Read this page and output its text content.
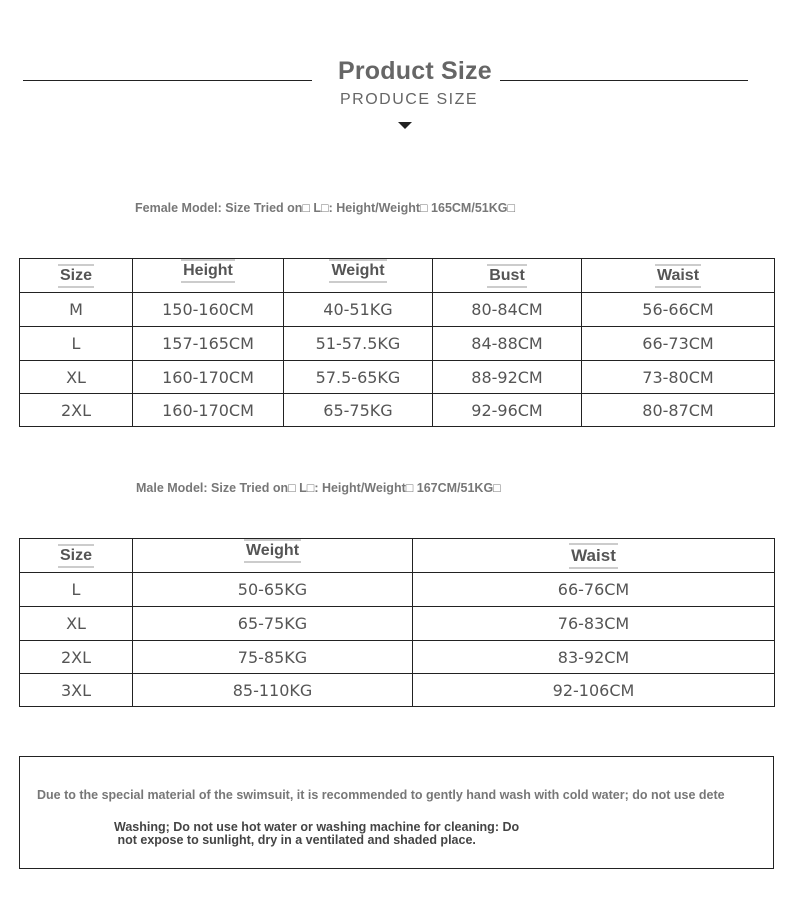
Product Size
PRODUCE SIZE
Female Model: Size Tried on□ L□: Height/Weight□ 165CM/51KG□
Size	Height	Weight	Bust	Waist
M	150-160CM	40-51KG	80-84CM	56-66CM
L	157-165CM	51-57.5KG	84-88CM	66-73CM
XL	160-170CM	57.5-65KG	88-92CM	73-80CM
2XL	160-170CM	65-75KG	92-96CM	80-87CM
Male Model: Size Tried on□ L□: Height/Weight□ 167CM/51KG□
Size	Weight	Waist
L	50-65KG	66-76CM
XL	65-75KG	76-83CM
2XL	75-85KG	83-92CM
3XL	85-110KG	92-106CM
Due to the special material of the swimsuit, it is recommended to gently hand wash with cold water; do not use dete
Washing; Do not use hot water or washing machine for cleaning: Do
not expose to sunlight, dry in a ventilated and shaded place.
